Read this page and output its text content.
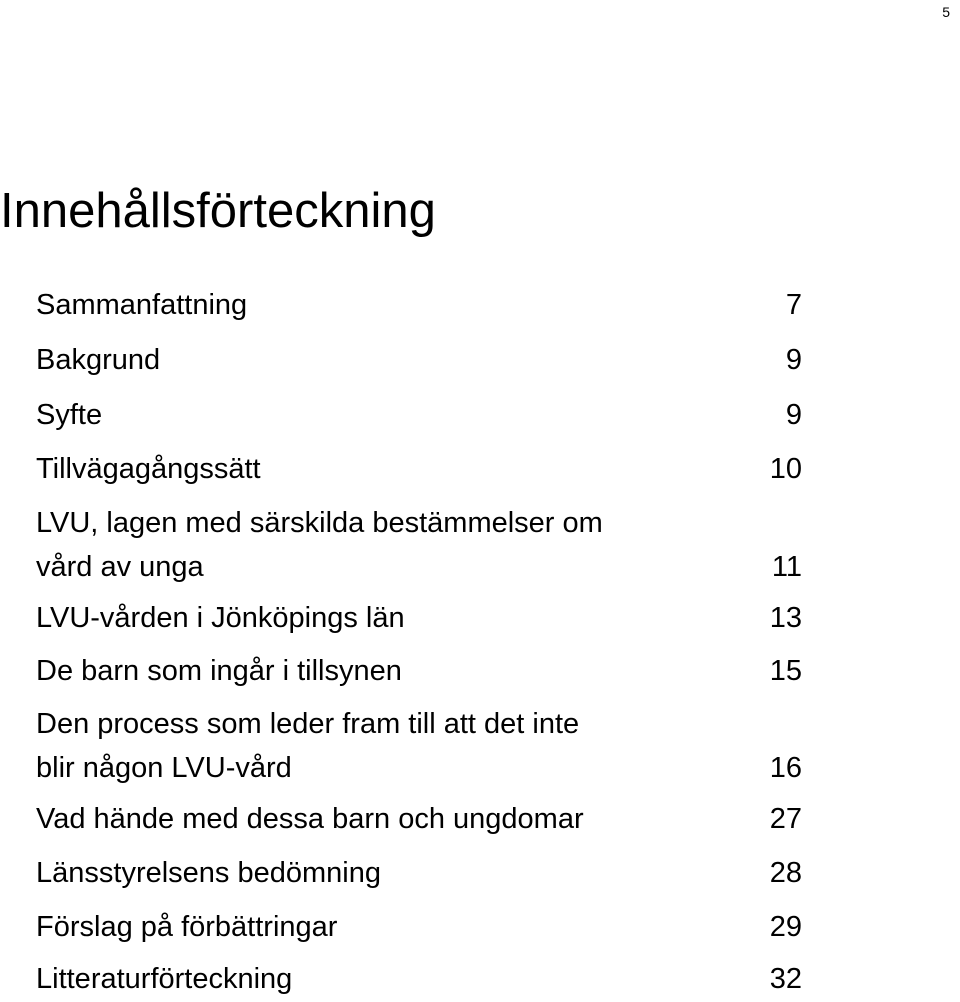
5
Innehållsförteckning
Sammanfattning	7
Bakgrund	9
Syfte	9
Tillvägagångssätt	10
LVU, lagen med särskilda bestämmelser om
vård av unga	11
LVU-vården i Jönköpings län	13
De barn som ingår i tillsynen	15
Den process som leder fram till att det inte
blir någon LVU-vård	16
Vad hände med dessa barn och ungdomar	27
Länsstyrelsens bedömning	28
Förslag på förbättringar	29
Litteraturförteckning	32
